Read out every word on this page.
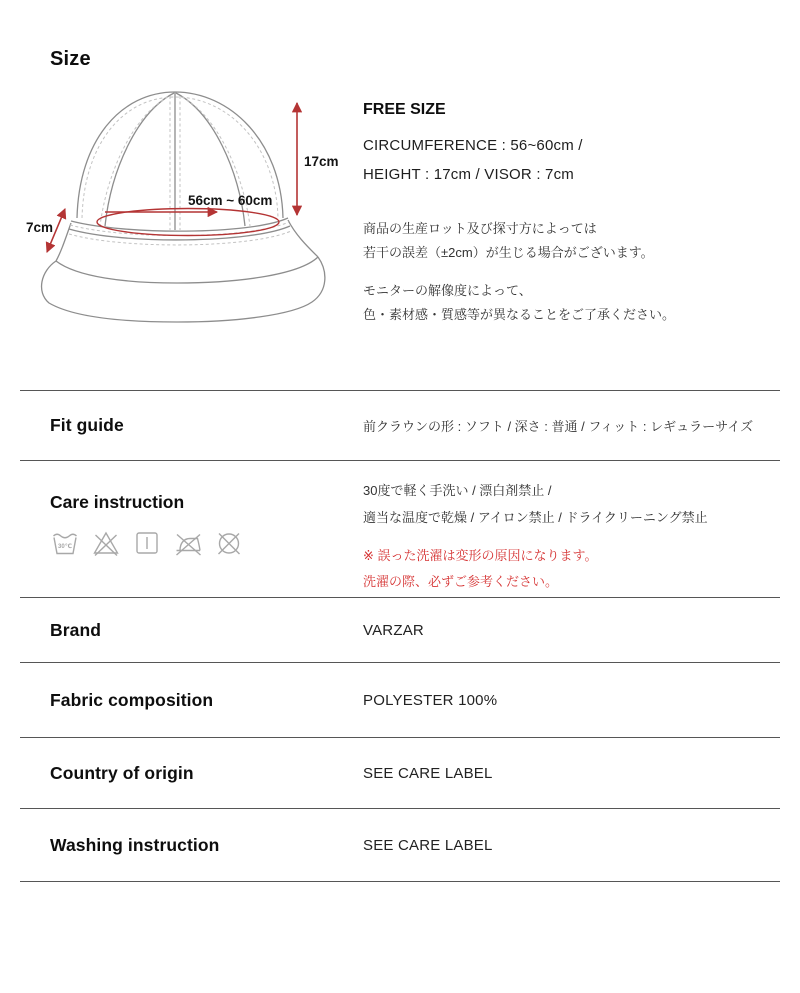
Size
17cm
56cm ~ 60cm
7cm
FREE SIZE
CIRCUMFERENCE : 56~60cm /
HEIGHT : 17cm / VISOR : 7cm
商品の生産ロット及び探寸方によっては
若干の誤差（±2cm）が生じる場合がございます。
モニターの解像度によって、
色・素材感・質感等が異なることをご了承ください。
Fit guide	前クラウンの形 : ソフト / 深さ : 普通 / フィット : レギュラーサイズ
Care instruction
30℃
30度で軽く手洗い / 漂白剤禁止 /
適当な温度で乾燥 / アイロン禁止 / ドライクリーニング禁止
※ 誤った洗濯は変形の原因になります。
洗濯の際、必ずご参考ください。
Brand	VARZAR
Fabric composition	POLYESTER 100%
Country of origin	SEE CARE LABEL
Washing instruction	SEE CARE LABEL
